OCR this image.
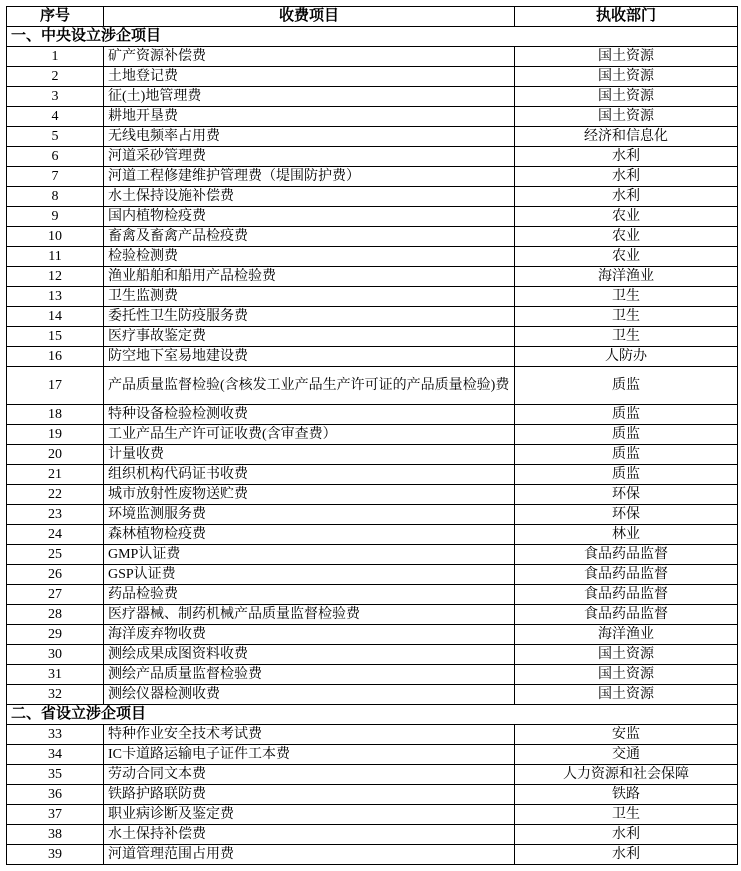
序号	收费项目	执收部门
一、中央设立涉企项目		
1	矿产资源补偿费	国土资源
2	土地登记费	国土资源
3	征(土)地管理费	国土资源
4	耕地开垦费	国土资源
5	无线电频率占用费	经济和信息化
6	河道采砂管理费	水利
7	河道工程修建维护管理费（堤围防护费）	水利
8	水土保持设施补偿费	水利
9	国内植物检疫费	农业
10	畜禽及畜禽产品检疫费	农业
11	检验检测费	农业
12	渔业船舶和船用产品检验费	海洋渔业
13	卫生监测费	卫生
14	委托性卫生防疫服务费	卫生
15	医疗事故鉴定费	卫生
16	防空地下室易地建设费	人防办
17	产品质量监督检验(含核发工业产品生产许可证的产品质量检验)费	质监
18	特种设备检验检测收费	质监
19	工业产品生产许可证收费(含审查费）	质监
20	计量收费	质监
21	组织机构代码证书收费	质监
22	城市放射性废物送贮费	环保
23	环境监测服务费	环保
24	森林植物检疫费	林业
25	GMP认证费	食品药品监督
26	GSP认证费	食品药品监督
27	药品检验费	食品药品监督
28	医疗器械、制药机械产品质量监督检验费	食品药品监督
29	海洋废弃物收费	海洋渔业
30	测绘成果成图资料收费	国土资源
31	测绘产品质量监督检验费	国土资源
32	测绘仪器检测收费	国土资源
二、省设立涉企项目		
33	特种作业安全技术考试费	安监
34	IC卡道路运输电子证件工本费	交通
35	劳动合同文本费	人力资源和社会保障
36	铁路护路联防费	铁路
37	职业病诊断及鉴定费	卫生
38	水土保持补偿费	水利
39	河道管理范围占用费	水利
